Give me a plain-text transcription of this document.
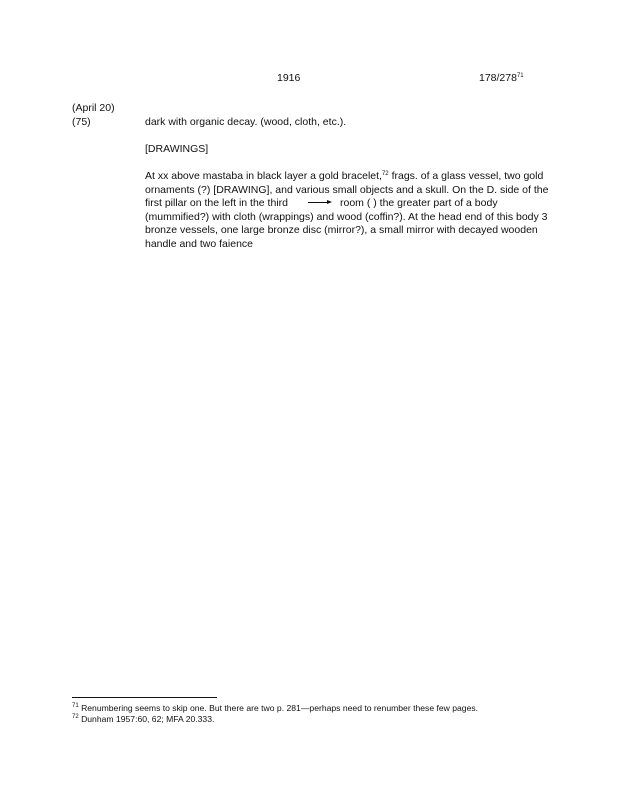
1916	$178/278^{71}$
(April 20)
(75)	dark with organic decay. (wood, cloth, etc.).
[DRAWINGS]
At xx above mastaba in black layer a gold bracelet,$^{72}$ frags. of a glass vessel, two gold ornaments (?) [DRAWING], and various small objects and a skull. On the D. side of the first pillar on the left in the third	room ( ) the greater part of a body (mummified?) with cloth (wrappings) and wood (coffin?). At the head end of this body 3 bronze vessels, one large bronze disc (mirror?), a small mirror with decayed wooden handle and two faience
$^{71}$ Renumbering seems to skip one. But there are two p. 281—perhaps need to renumber these few pages.
$^{72}$ Dunham 1957:60, 62; MFA 20.333.
